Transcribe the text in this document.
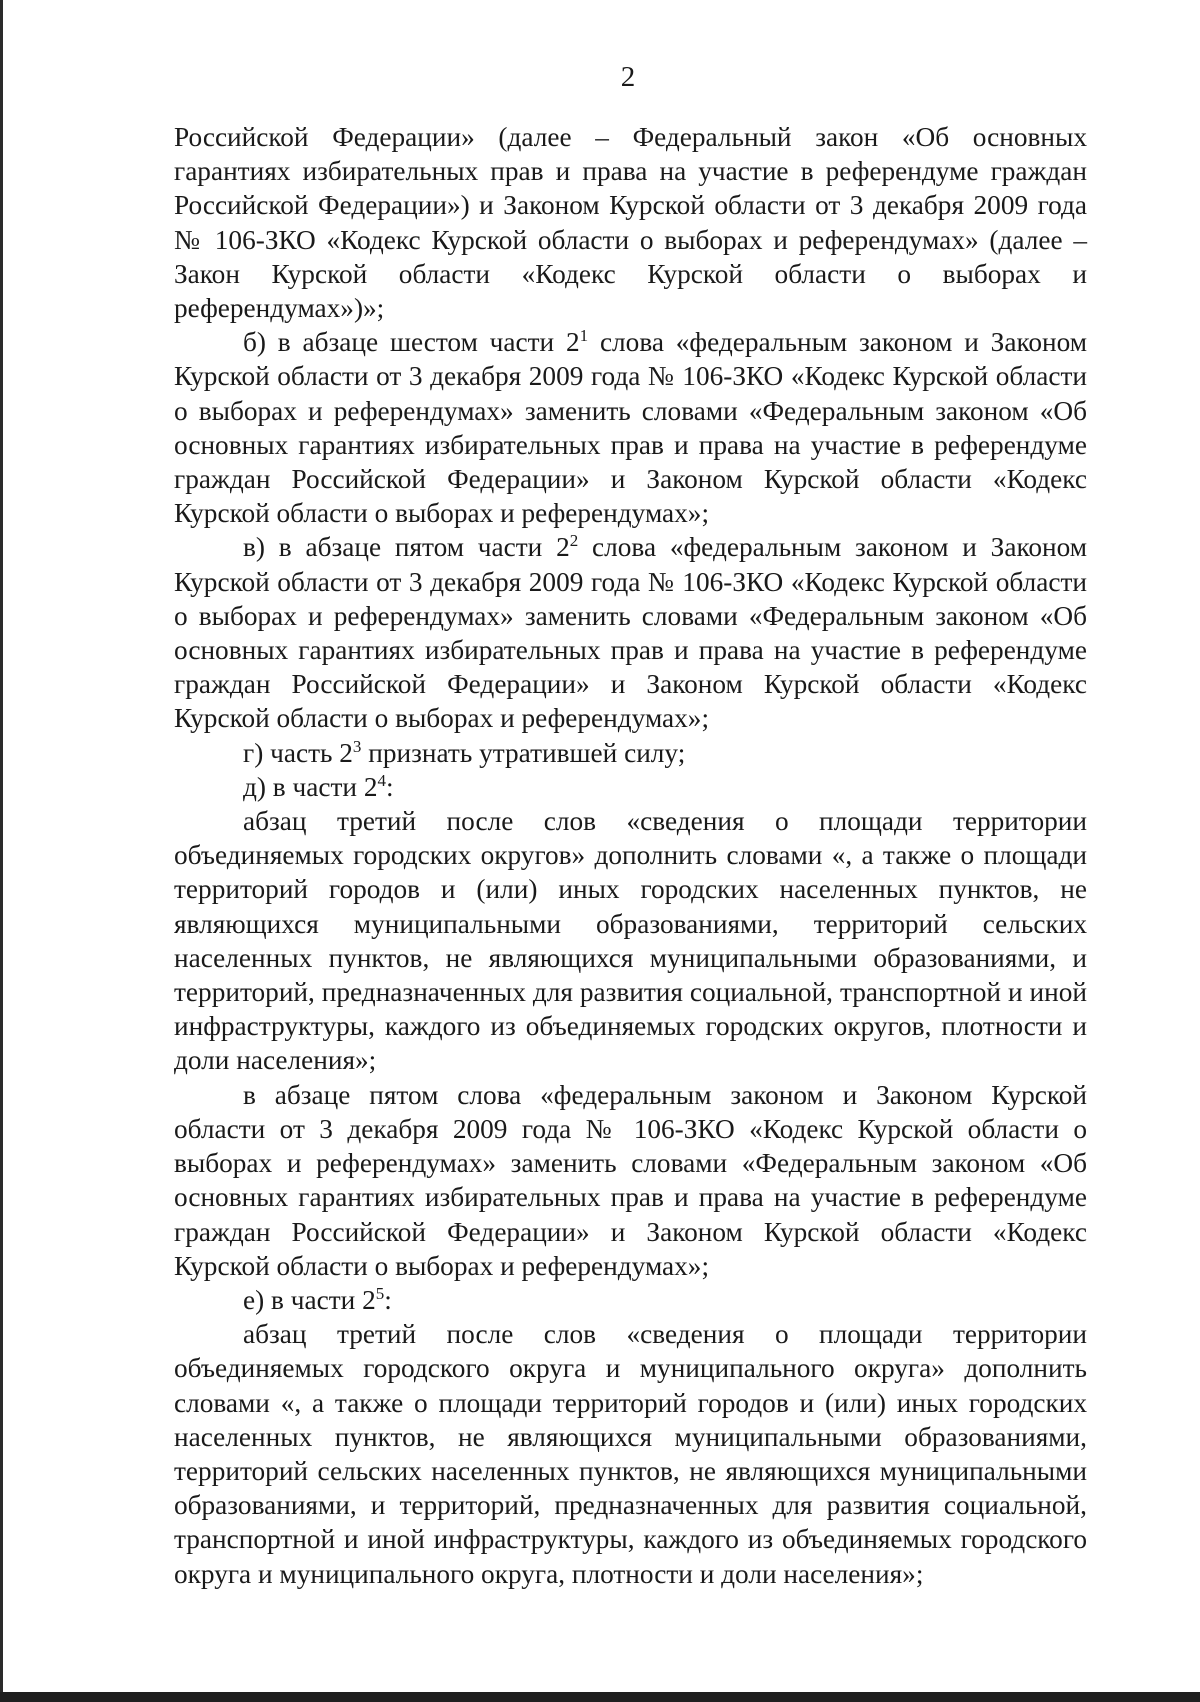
2

Российской Федерации» (далее – Федеральный закон «Об основных гарантиях избирательных прав и права на участие в референдуме граждан Российской Федерации») и Законом Курской области от 3 декабря 2009 года № 106-ЗКО «Кодекс Курской области о выборах и референдумах» (далее – Закон Курской области «Кодекс Курской области о выборах и референдумах»)»;

б) в абзаце шестом части $2^1$ слова «федеральным законом и Законом Курской области от 3 декабря 2009 года № 106-ЗКО «Кодекс Курской области о выборах и референдумах» заменить словами «Федеральным законом «Об основных гарантиях избирательных прав и права на участие в референдуме граждан Российской Федерации» и Законом Курской области «Кодекс Курской области о выборах и референдумах»;

в) в абзаце пятом части $2^2$ слова «федеральным законом и Законом Курской области от 3 декабря 2009 года № 106-ЗКО «Кодекс Курской области о выборах и референдумах» заменить словами «Федеральным законом «Об основных гарантиях избирательных прав и права на участие в референдуме граждан Российской Федерации» и Законом Курской области «Кодекс Курской области о выборах и референдумах»;

г) часть $2^3$ признать утратившей силу;

д) в части $2^4$:

абзац третий после слов «сведения о площади территории объединяемых городских округов» дополнить словами «, а также о площади территорий городов и (или) иных городских населенных пунктов, не являющихся муниципальными образованиями, территорий сельских населенных пунктов, не являющихся муниципальными образованиями, и территорий, предназначенных для развития социальной, транспортной и иной инфраструктуры, каждого из объединяемых городских округов, плотности и доли населения»;

в абзаце пятом слова «федеральным законом и Законом Курской области от 3 декабря 2009 года № 106-ЗКО «Кодекс Курской области о выборах и референдумах» заменить словами «Федеральным законом «Об основных гарантиях избирательных прав и права на участие в референдуме граждан Российской Федерации» и Законом Курской области «Кодекс Курской области о выборах и референдумах»;

е) в части $2^5$:

абзац третий после слов «сведения о площади территории объединяемых городского округа и муниципального округа» дополнить словами «, а также о площади территорий городов и (или) иных городских населенных пунктов, не являющихся муниципальными образованиями, территорий сельских населенных пунктов, не являющихся муниципальными образованиями, и территорий, предназначенных для развития социальной, транспортной и иной инфраструктуры, каждого из объединяемых городского округа и муниципального округа, плотности и доли населения»;
